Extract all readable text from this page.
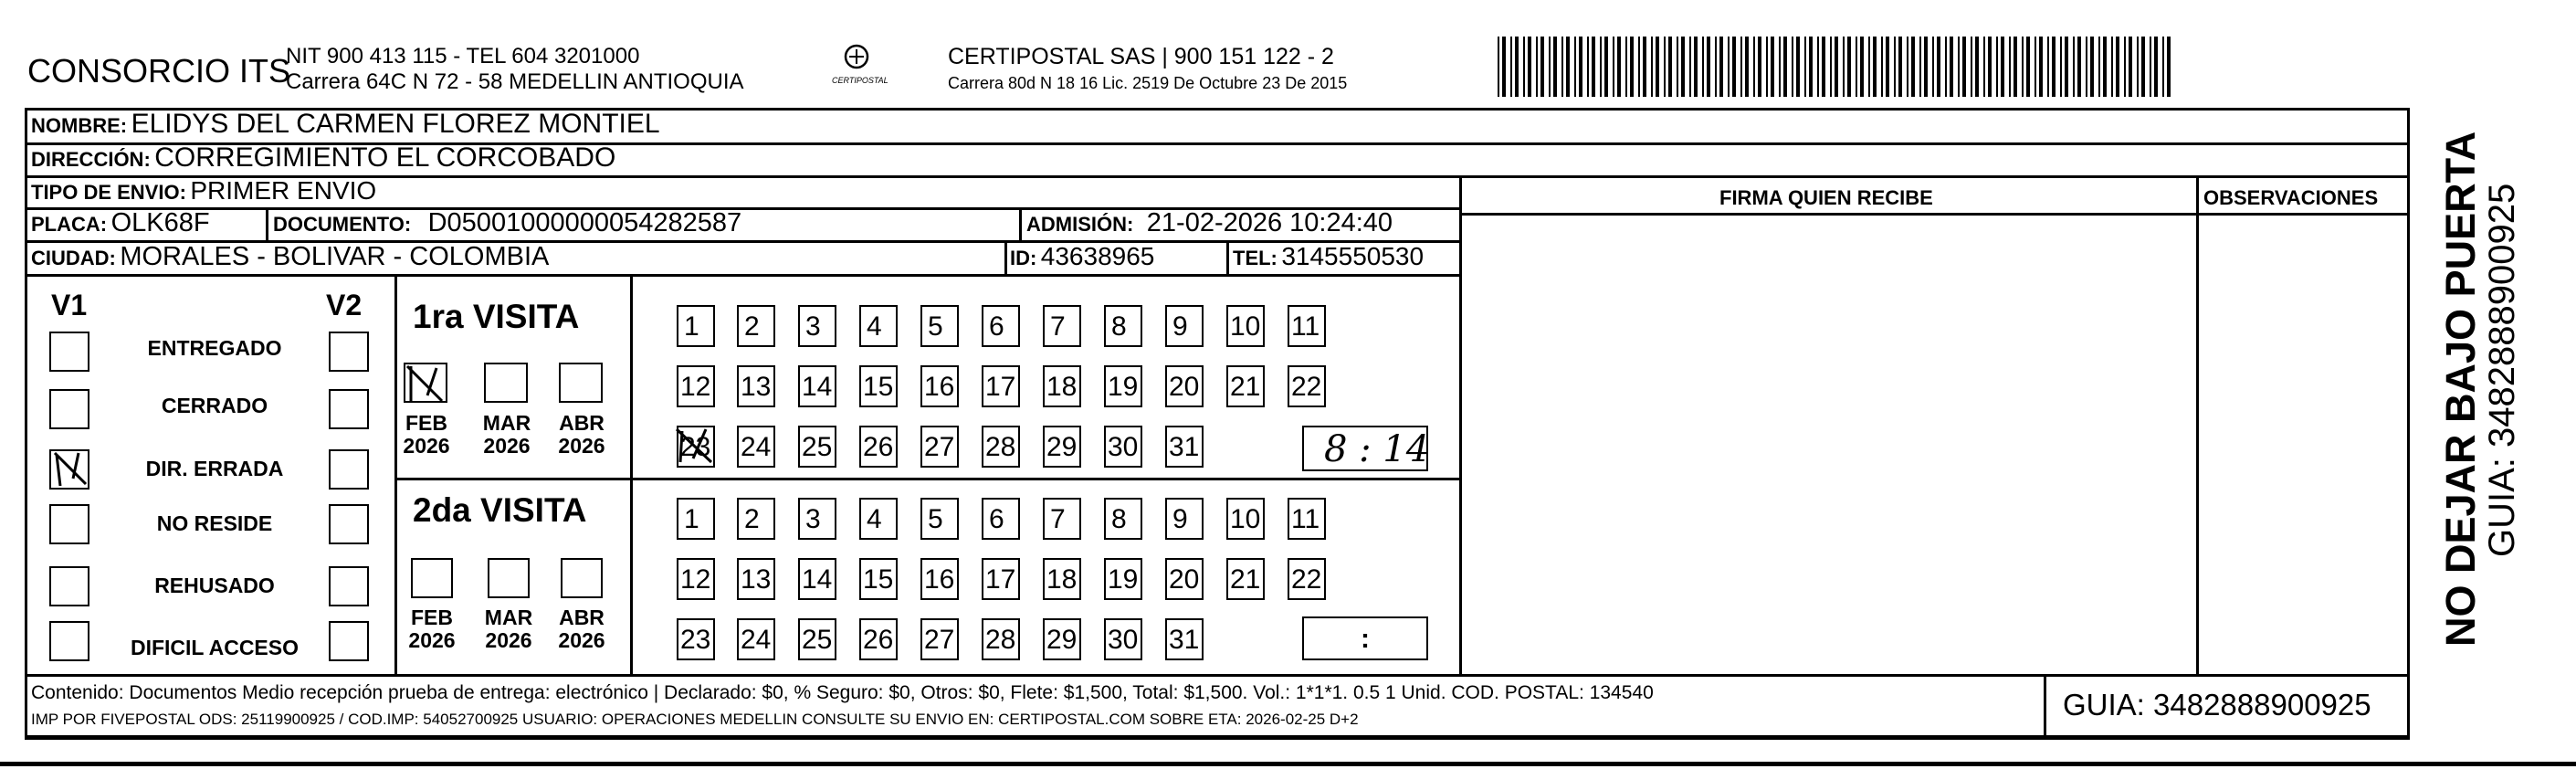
CONSORCIO ITS
NIT 900 413 115 - TEL 604 3201000
Carrera 64C N 72 - 58 MEDELLIN ANTIOQUIA	CERTIPOSTAL
CERTIPOSTAL SAS | 900 151 122 - 2
Carrera 80d N 18 16 Lic. 2519 De Octubre 23 De 2015
NOMBRE: ELIDYS DEL CARMEN FLOREZ MONTIEL
DIRECCIÓN: CORREGIMIENTO EL CORCOBADO
TIPO DE ENVIO: PRIMER ENVIO	FIRMA QUIEN RECIBE	OBSERVACIONES
PLACA: OLK68F	DOCUMENTO: D05001000000054282587	ADMISIÓN: 21-02-2026 10:24:40
CIUDAD: MORALES - BOLIVAR - COLOMBIA	ID: 43638965	TEL: 3145550530
V1	V2
ENTREGADO
CERRADO
DIR. ERRADA
NO RESIDE
REHUSADO
DIFICIL ACCESO
1ra VISITA
FEB
2026
MAR
2026
ABR
2026
1 2 3 4 5 6 7 8 9 10 11
12 13 14 15 16 17 18 19 20 21 22
23 24 25 26 27 28 29 30 31	8 : 14
2da VISITA
FEB
2026
MAR
2026
ABR
2026
1 2 3 4 5 6 7 8 9 10 11
12 13 14 15 16 17 18 19 20 21 22
23 24 25 26 27 28 29 30 31	:
Contenido: Documentos Medio recepción prueba de entrega: electrónico | Declarado: $0, % Seguro: $0, Otros: $0, Flete: $1,500, Total: $1,500. Vol.: 1*1*1. 0.5 1 Unid. COD. POSTAL: 134540
IMP POR FIVEPOSTAL ODS: 25119900925 / COD.IMP: 54052700925 USUARIO: OPERACIONES MEDELLIN CONSULTE SU ENVIO EN: CERTIPOSTAL.COM SOBRE ETA: 2026-02-25 D+2	GUIA: 3482888900925
NO DEJAR BAJO PUERTA
GUIA: 3482888900925
